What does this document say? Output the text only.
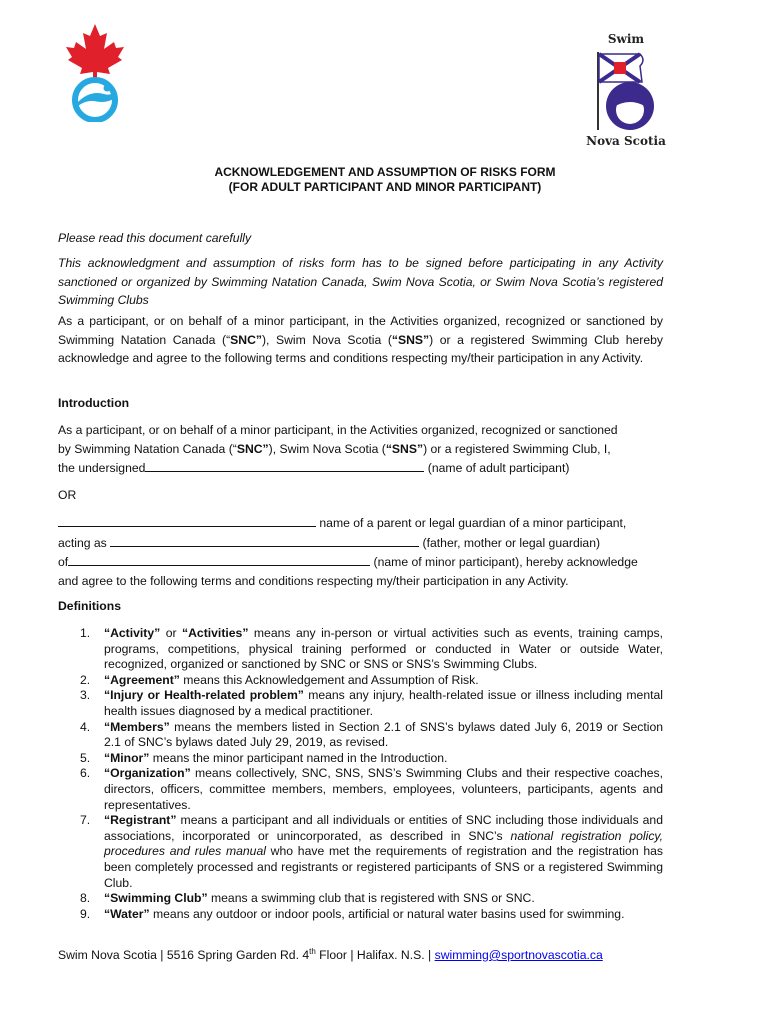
Swim
Nova Scotia
ACKNOWLEDGEMENT AND ASSUMPTION OF RISKS FORM
(FOR ADULT PARTICIPANT AND MINOR PARTICIPANT)

Please read this document carefully

This acknowledgment and assumption of risks form has to be signed before participating in any Activity sanctioned or organized by Swimming Natation Canada, Swim Nova Scotia, or Swim Nova Scotia’s registered Swimming Clubs

As a participant, or on behalf of a minor participant, in the Activities organized, recognized or sanctioned by Swimming Natation Canada (“SNC”), Swim Nova Scotia (“SNS”) or a registered Swimming Club hereby acknowledge and agree to the following terms and conditions respecting my/their participation in any Activity.

Introduction

As a participant, or on behalf of a minor participant, in the Activities organized, recognized or sanctioned
by Swimming Natation Canada (“SNC”), Swim Nova Scotia (“SNS”) or a registered Swimming Club, I,
the undersigned	(name of adult participant)

OR

name of a parent or legal guardian of a minor participant,
acting as	(father, mother or legal guardian)
of	(name of minor participant), hereby acknowledge
and agree to the following terms and conditions respecting my/their participation in any Activity.

Definitions

1. “Activity” or “Activities” means any in-person or virtual activities such as events, training camps, programs, competitions, physical training performed or conducted in Water or outside Water, recognized, organized or sanctioned by SNC or SNS or SNS’s Swimming Clubs.
2. “Agreement” means this Acknowledgement and Assumption of Risk.
3. “Injury or Health-related problem” means any injury, health-related issue or illness including mental health issues diagnosed by a medical practitioner.
4. “Members” means the members listed in Section 2.1 of SNS’s bylaws dated July 6, 2019 or Section 2.1 of SNC’s bylaws dated July 29, 2019, as revised.
5. “Minor” means the minor participant named in the Introduction.
6. “Organization” means collectively, SNC, SNS, SNS’s Swimming Clubs and their respective coaches, directors, officers, committee members, members, employees, volunteers, participants, agents and representatives.
7. “Registrant” means a participant and all individuals or entities of SNC including those individuals and associations, incorporated or unincorporated, as described in SNC’s national registration policy, procedures and rules manual who have met the requirements of registration and the registration has been completely processed and registrants or registered participants of SNS or a registered Swimming Club.
8. “Swimming Club” means a swimming club that is registered with SNS or SNC.
9. “Water” means any outdoor or indoor pools, artificial or natural water basins used for swimming.
Swim Nova Scotia | 5516 Spring Garden Rd. 4th Floor | Halifax. N.S. | swimming@sportnovascotia.ca
